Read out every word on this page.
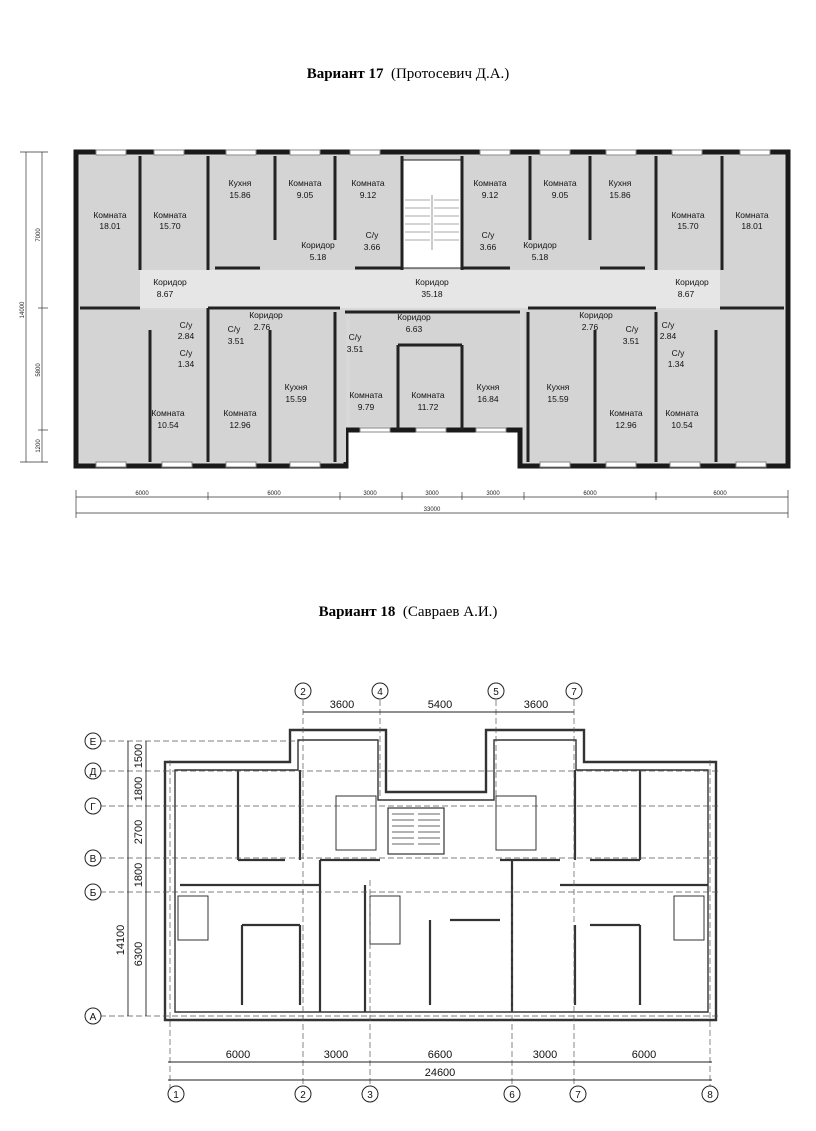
Вариант 17 (Протосевич Д.А.)
Вариант 18 (Савраев А.И.)
Комната
18.01
Комната
15.70
Кухня
15.86
Комната
9.05
Комната
9.12
Коридор
5.18
С/у
3.66
Комната
9.12
Комната
9.05
Кухня
15.86
С/у
3.66	Коридор
5.18
Комната
15.70
Комната
18.01
Коридор
8.67
Коридор
35.18
Коридор
8.67
С/у
2.84
С/у
3.51
Коридор
2.76
С/у
1.34
С/у
3.51
Коридор
6.63
Коридор
2.76	С/у
3.51
С/у
2.84
С/у
1.34
Кухня
15.59	Комната
9.79
Комната
11.72
Кухня
16.84
Кухня
15.59
Комната
10.54
Комната
12.96
Комната
12.96
Комната
10.54
6000	6000	3000	3000	3000	6000	6000
33000
7000
5800
1200
14000
2	4	5	7
Е
Д
Г
В
Б
А
1	2	3	6	7	8
3600	5400	3600
6000	3000	6600	3000	6000
24600
1500
1800
2700
1800
6300
14100
